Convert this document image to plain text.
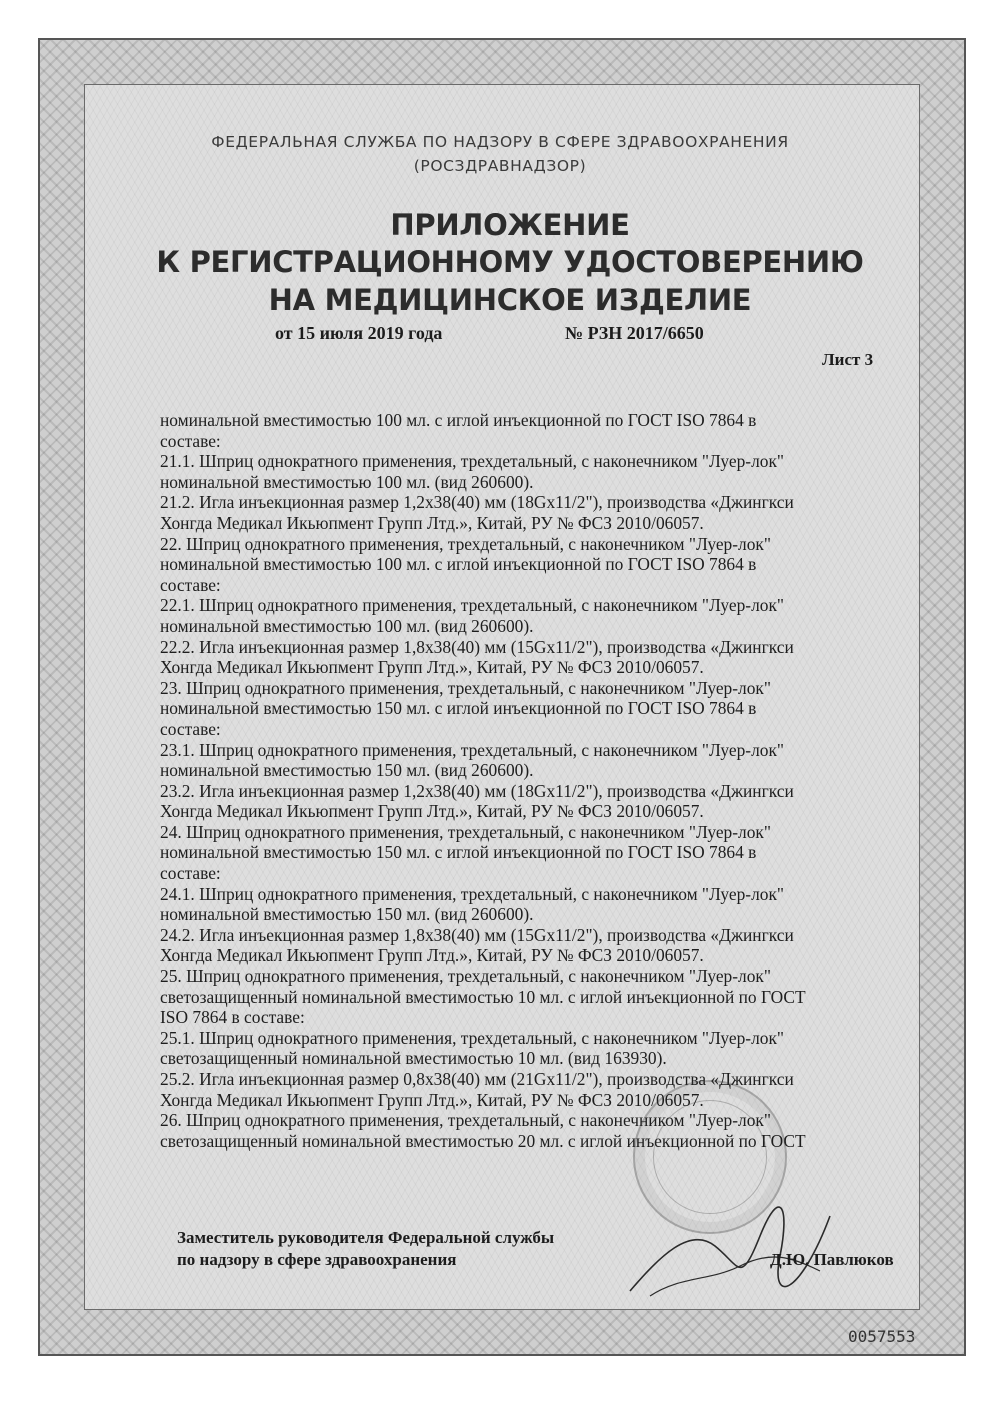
ФЕДЕРАЛЬНАЯ СЛУЖБА ПО НАДЗОРУ В СФЕРЕ ЗДРАВООХРАНЕНИЯ
(РОСЗДРАВНАДЗОР)
ПРИЛОЖЕНИЕ
К РЕГИСТРАЦИОННОМУ УДОСТОВЕРЕНИЮ
НА МЕДИЦИНСКОЕ ИЗДЕЛИЕ
от 15 июля 2019 года	№ РЗН 2017/6650
Лист 3
номинальной вместимостью 100 мл. с иглой инъекционной по ГОСТ ISO 7864 в
составе:
21.1. Шприц однократного применения, трехдетальный, с наконечником "Луер-лок"
номинальной вместимостью 100 мл. (вид 260600).
21.2. Игла инъекционная размер 1,2х38(40) мм (18Gх11/2"), производства «Джингкси
Хонгда Медикал Икьюпмент Групп Лтд.», Китай, РУ № ФСЗ 2010/06057.
22. Шприц однократного применения, трехдетальный, с наконечником "Луер-лок"
номинальной вместимостью 100 мл. с иглой инъекционной по ГОСТ ISO 7864 в
составе:
22.1. Шприц однократного применения, трехдетальный, с наконечником "Луер-лок"
номинальной вместимостью 100 мл. (вид 260600).
22.2. Игла инъекционная размер 1,8х38(40) мм (15Gх11/2"), производства «Джингкси
Хонгда Медикал Икьюпмент Групп Лтд.», Китай, РУ № ФСЗ 2010/06057.
23. Шприц однократного применения, трехдетальный, с наконечником "Луер-лок"
номинальной вместимостью 150 мл. с иглой инъекционной по ГОСТ ISO 7864 в
составе:
23.1. Шприц однократного применения, трехдетальный, с наконечником "Луер-лок"
номинальной вместимостью 150 мл. (вид 260600).
23.2. Игла инъекционная размер 1,2х38(40) мм (18Gх11/2"), производства «Джингкси
Хонгда Медикал Икьюпмент Групп Лтд.», Китай, РУ № ФСЗ 2010/06057.
24. Шприц однократного применения, трехдетальный, с наконечником "Луер-лок"
номинальной вместимостью 150 мл. с иглой инъекционной по ГОСТ ISO 7864 в
составе:
24.1. Шприц однократного применения, трехдетальный, с наконечником "Луер-лок"
номинальной вместимостью 150 мл. (вид 260600).
24.2. Игла инъекционная размер 1,8х38(40) мм (15Gх11/2"), производства «Джингкси
Хонгда Медикал Икьюпмент Групп Лтд.», Китай, РУ № ФСЗ 2010/06057.
25. Шприц однократного применения, трехдетальный, с наконечником "Луер-лок"
светозащищенный номинальной вместимостью 10 мл. с иглой инъекционной по ГОСТ
ISO 7864 в составе:
25.1. Шприц однократного применения, трехдетальный, с наконечником "Луер-лок"
светозащищенный номинальной вместимостью 10 мл. (вид 163930).
25.2. Игла инъекционная размер 0,8х38(40) мм (21Gх11/2"), производства «Джингкси
Хонгда Медикал Икьюпмент Групп Лтд.», Китай, РУ № ФСЗ 2010/06057.
26. Шприц однократного применения, трехдетальный, с наконечником "Луер-лок"
светозащищенный номинальной вместимостью 20 мл. с иглой инъекционной по ГОСТ
Заместитель руководителя Федеральной службы
по надзору в сфере здравоохранения	Д.Ю. Павлюков
0057553
